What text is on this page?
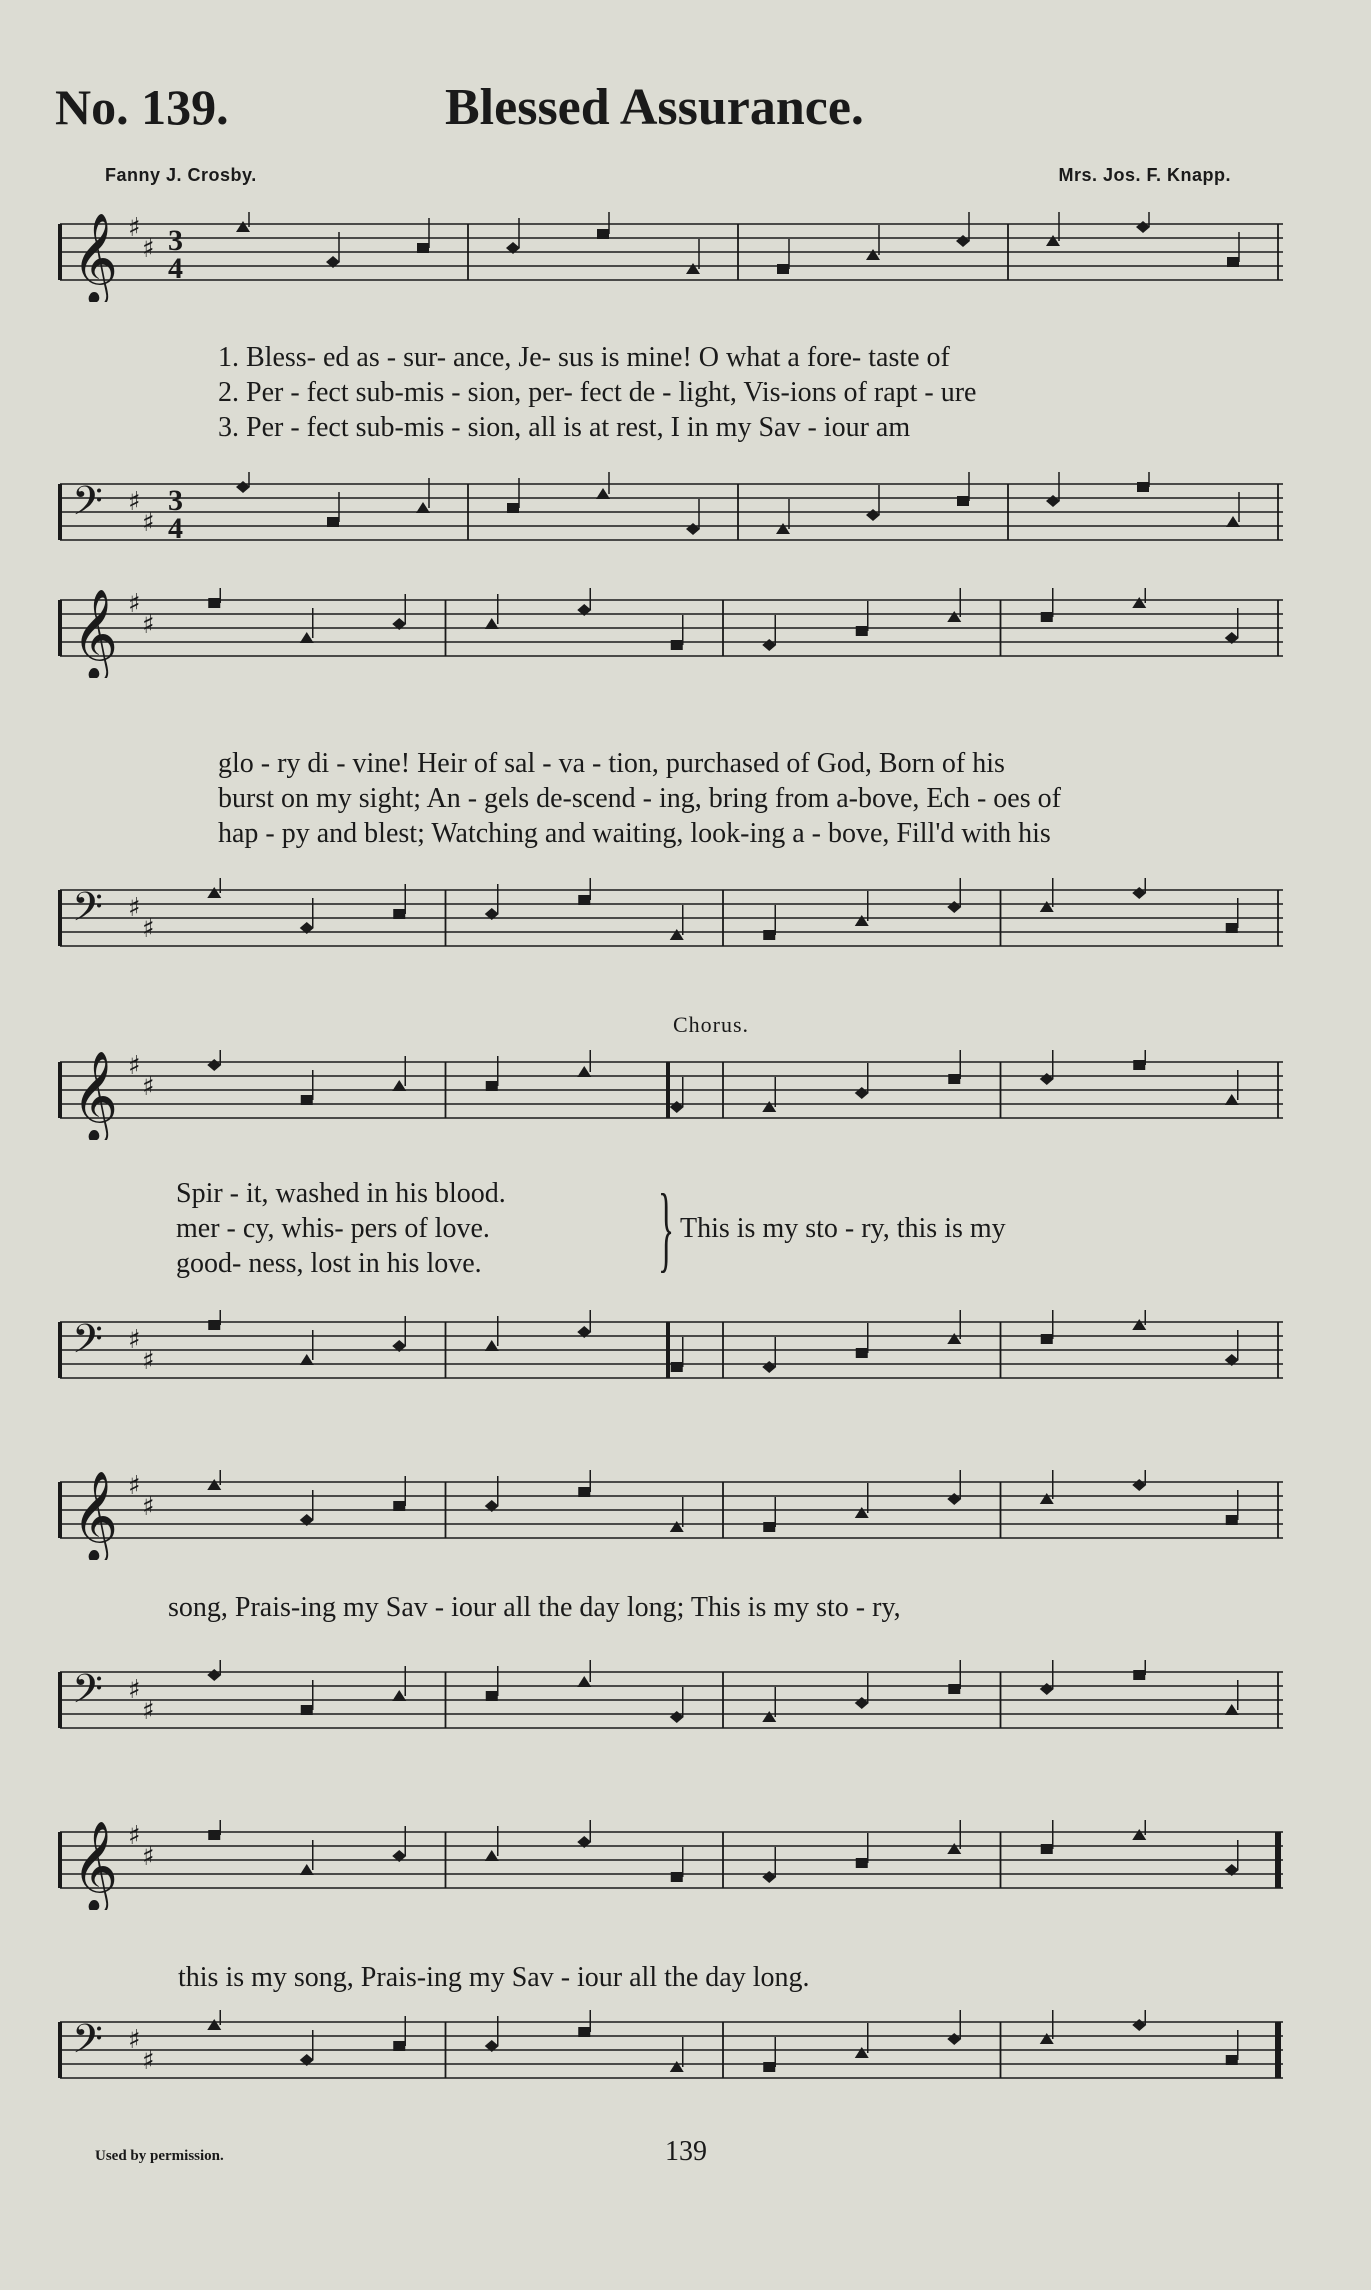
No. 139.	Blessed Assurance.
Fanny J. Crosby.	Mrs. Jos. F. Knapp.
𝄞 ♯
♯ 3
4
𝄢 ♯
♯
3
4
1. Bless- ed as - sur- ance, Je- sus is mine! O what a fore- taste of
2. Per - fect sub-mis - sion, per- fect de - light, Vis-ions of rapt - ure
3. Per - fect sub-mis - sion, all is at rest, I in my Sav - iour am
𝄞 ♯
♯
𝄢 ♯
♯
glo - ry di - vine! Heir of sal - va - tion, purchased of God, Born of his
burst on my sight; An - gels de-scend - ing, bring from a-bove, Ech - oes of
hap - py and blest; Watching and waiting, look-ing a - bove, Fill'd with his
Chorus.
𝄞 ♯
♯
𝄢 ♯
♯
Spir - it, washed in his blood.
mer - cy, whis- pers of love.
good- ness, lost in his love. } This is my sto - ry, this is my
𝄞 ♯
♯
𝄢 ♯
♯
song, Prais-ing my Sav - iour all the day long; This is my sto - ry,
𝄞 ♯
♯
𝄢 ♯
♯
this is my song, Prais-ing my Sav - iour all the day long.
Used by permission.	139
